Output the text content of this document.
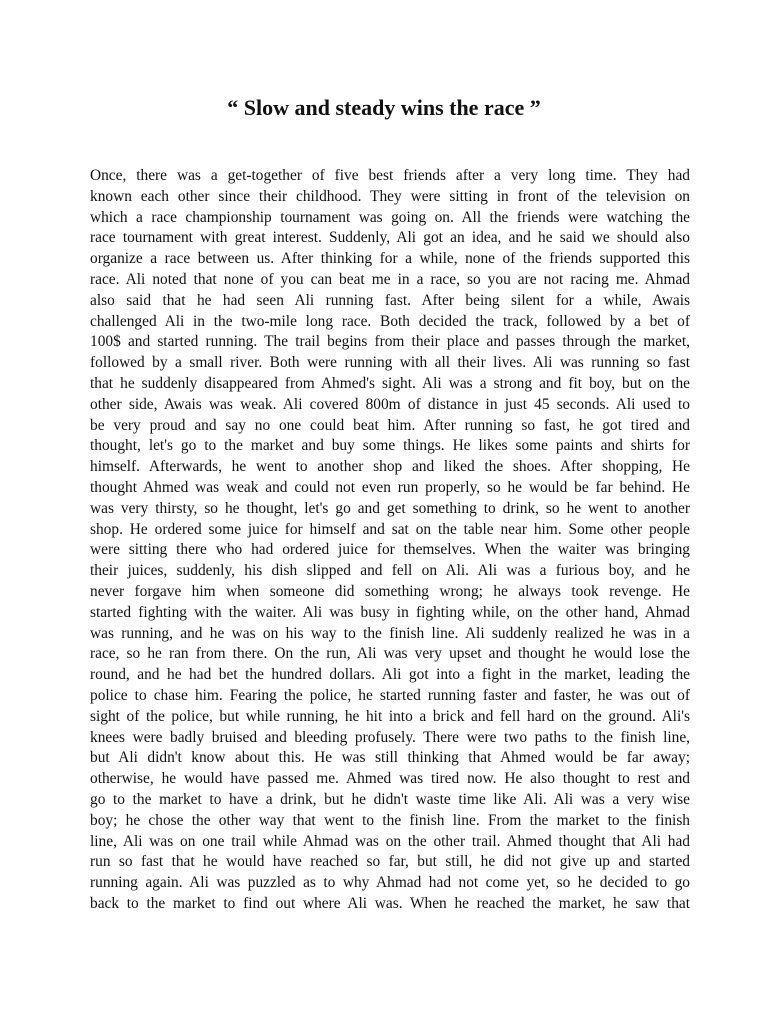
“ Slow and steady wins the race ”
Once, there was a get-together of five best friends after a very long time. They had
known each other since their childhood. They were sitting in front of the television on
which a race championship tournament was going on. All the friends were watching the
race tournament with great interest. Suddenly, Ali got an idea, and he said we should also
organize a race between us. After thinking for a while, none of the friends supported this
race. Ali noted that none of you can beat me in a race, so you are not racing me. Ahmad
also said that he had seen Ali running fast. After being silent for a while, Awais
challenged Ali in the two-mile long race. Both decided the track, followed by a bet of
100$ and started running. The trail begins from their place and passes through the market,
followed by a small river. Both were running with all their lives. Ali was running so fast
that he suddenly disappeared from Ahmed's sight. Ali was a strong and fit boy, but on the
other side, Awais was weak. Ali covered 800m of distance in just 45 seconds. Ali used to
be very proud and say no one could beat him. After running so fast, he got tired and
thought, let's go to the market and buy some things. He likes some paints and shirts for
himself. Afterwards, he went to another shop and liked the shoes. After shopping, He
thought Ahmed was weak and could not even run properly, so he would be far behind. He
was very thirsty, so he thought, let's go and get something to drink, so he went to another
shop. He ordered some juice for himself and sat on the table near him. Some other people
were sitting there who had ordered juice for themselves. When the waiter was bringing
their juices, suddenly, his dish slipped and fell on Ali. Ali was a furious boy, and he
never forgave him when someone did something wrong; he always took revenge. He
started fighting with the waiter. Ali was busy in fighting while, on the other hand, Ahmad
was running, and he was on his way to the finish line. Ali suddenly realized he was in a
race, so he ran from there. On the run, Ali was very upset and thought he would lose the
round, and he had bet the hundred dollars. Ali got into a fight in the market, leading the
police to chase him. Fearing the police, he started running faster and faster, he was out of
sight of the police, but while running, he hit into a brick and fell hard on the ground. Ali's
knees were badly bruised and bleeding profusely. There were two paths to the finish line,
but Ali didn't know about this. He was still thinking that Ahmed would be far away;
otherwise, he would have passed me. Ahmed was tired now. He also thought to rest and
go to the market to have a drink, but he didn't waste time like Ali. Ali was a very wise
boy; he chose the other way that went to the finish line. From the market to the finish
line, Ali was on one trail while Ahmad was on the other trail. Ahmed thought that Ali had
run so fast that he would have reached so far, but still, he did not give up and started
running again. Ali was puzzled as to why Ahmad had not come yet, so he decided to go
back to the market to find out where Ali was. When he reached the market, he saw that
